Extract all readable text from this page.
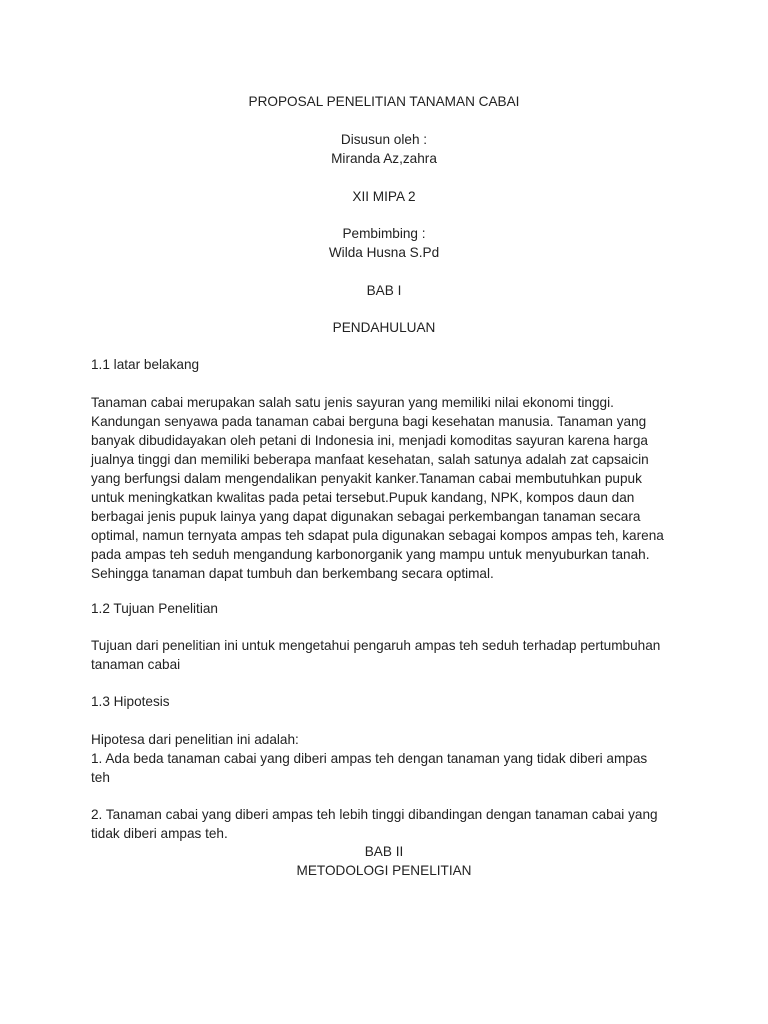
PROPOSAL PENELITIAN TANAMAN CABAI
Disusun oleh :
Miranda Az,zahra
XII MIPA 2
Pembimbing :
Wilda Husna S.Pd
BAB I
PENDAHULUAN
1.1 latar belakang

Tanaman cabai merupakan salah satu jenis sayuran yang memiliki nilai ekonomi tinggi.

Kandungan senyawa pada tanaman cabai berguna bagi kesehatan manusia. Tanaman yang

banyak dibudidayakan oleh petani di Indonesia ini, menjadi komoditas sayuran karena harga

jualnya tinggi dan memiliki beberapa manfaat kesehatan, salah satunya adalah zat capsaicin

yang berfungsi dalam mengendalikan penyakit kanker.Tanaman cabai membutuhkan pupuk

untuk meningkatkan kwalitas pada petai tersebut.Pupuk kandang, NPK, kompos daun dan

berbagai jenis pupuk lainya yang dapat digunakan sebagai perkembangan tanaman secara

optimal, namun ternyata ampas teh sdapat pula digunakan sebagai kompos ampas teh, karena

pada ampas teh seduh mengandung karbonorganik yang mampu untuk menyuburkan tanah.

Sehingga tanaman dapat tumbuh dan berkembang secara optimal.

1.2 Tujuan Penelitian

Tujuan dari penelitian ini untuk mengetahui pengaruh ampas teh seduh terhadap pertumbuhan

tanaman cabai

1.3 Hipotesis

Hipotesa dari penelitian ini adalah:

1. Ada beda tanaman cabai yang diberi ampas teh dengan tanaman yang tidak diberi ampas

teh

2. Tanaman cabai yang diberi ampas teh lebih tinggi dibandingan dengan tanaman cabai yang

tidak diberi ampas teh.

BAB II
METODOLOGI PENELITIAN
